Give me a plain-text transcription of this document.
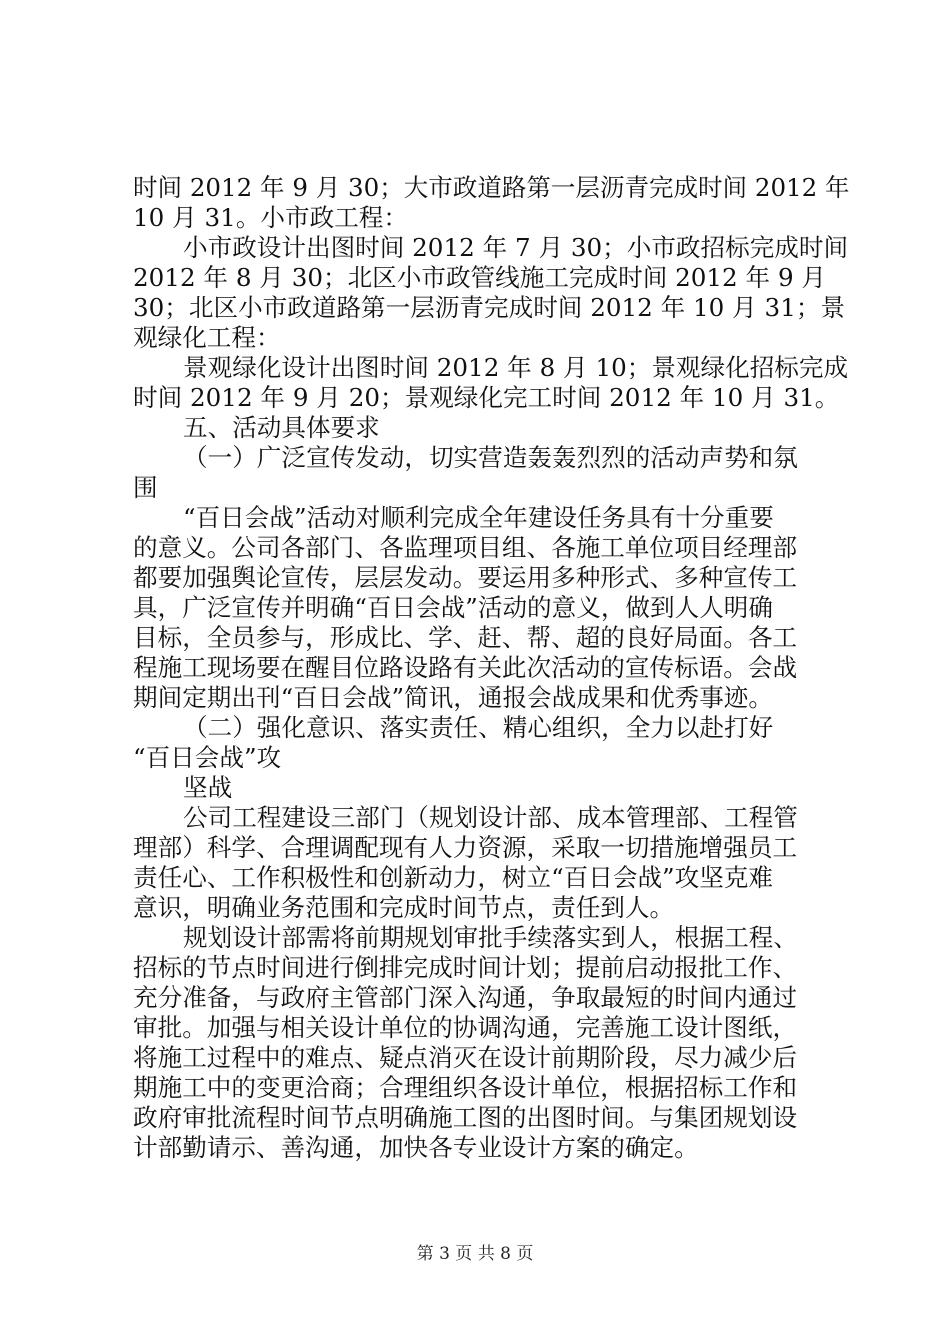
时间 2012 年 9 月 30；大市政道路第一层沥青完成时间 2012 年

10 月 31。小市政工程：

小市政设计出图时间 2012 年 7 月 30；小市政招标完成时间

2012 年 8 月 30；北区小市政管线施工完成时间 2012 年 9 月

30；北区小市政道路第一层沥青完成时间 2012 年 10 月 31；景

观绿化工程：

景观绿化设计出图时间 2012 年 8 月 10；景观绿化招标完成

时间 2012 年 9 月 20；景观绿化完工时间 2012 年 10 月 31。

五、活动具体要求

（一）广泛宣传发动，切实营造轰轰烈烈的活动声势和氛

围

“百日会战”活动对顺利完成全年建设任务具有十分重要

的意义。公司各部门、各监理项目组、各施工单位项目经理部

都要加强舆论宣传，层层发动。要运用多种形式、多种宣传工

具，广泛宣传并明确“百日会战”活动的意义，做到人人明确

目标，全员参与，形成比、学、赶、帮、超的良好局面。各工

程施工现场要在醒目位路设路有关此次活动的宣传标语。会战

期间定期出刊“百日会战”简讯，通报会战成果和优秀事迹。

（二）强化意识、落实责任、精心组织，全力以赴打好

“百日会战”攻

坚战

公司工程建设三部门（规划设计部、成本管理部、工程管

理部）科学、合理调配现有人力资源，采取一切措施增强员工

责任心、工作积极性和创新动力，树立“百日会战”攻坚克难

意识，明确业务范围和完成时间节点，责任到人。

规划设计部需将前期规划审批手续落实到人，根据工程、

招标的节点时间进行倒排完成时间计划；提前启动报批工作、

充分准备，与政府主管部门深入沟通，争取最短的时间内通过

审批。加强与相关设计单位的协调沟通，完善施工设计图纸，

将施工过程中的难点、疑点消灭在设计前期阶段，尽力减少后

期施工中的变更洽商；合理组织各设计单位，根据招标工作和

政府审批流程时间节点明确施工图的出图时间。与集团规划设

计部勤请示、善沟通，加快各专业设计方案的确定。

第 3 页 共 8 页
